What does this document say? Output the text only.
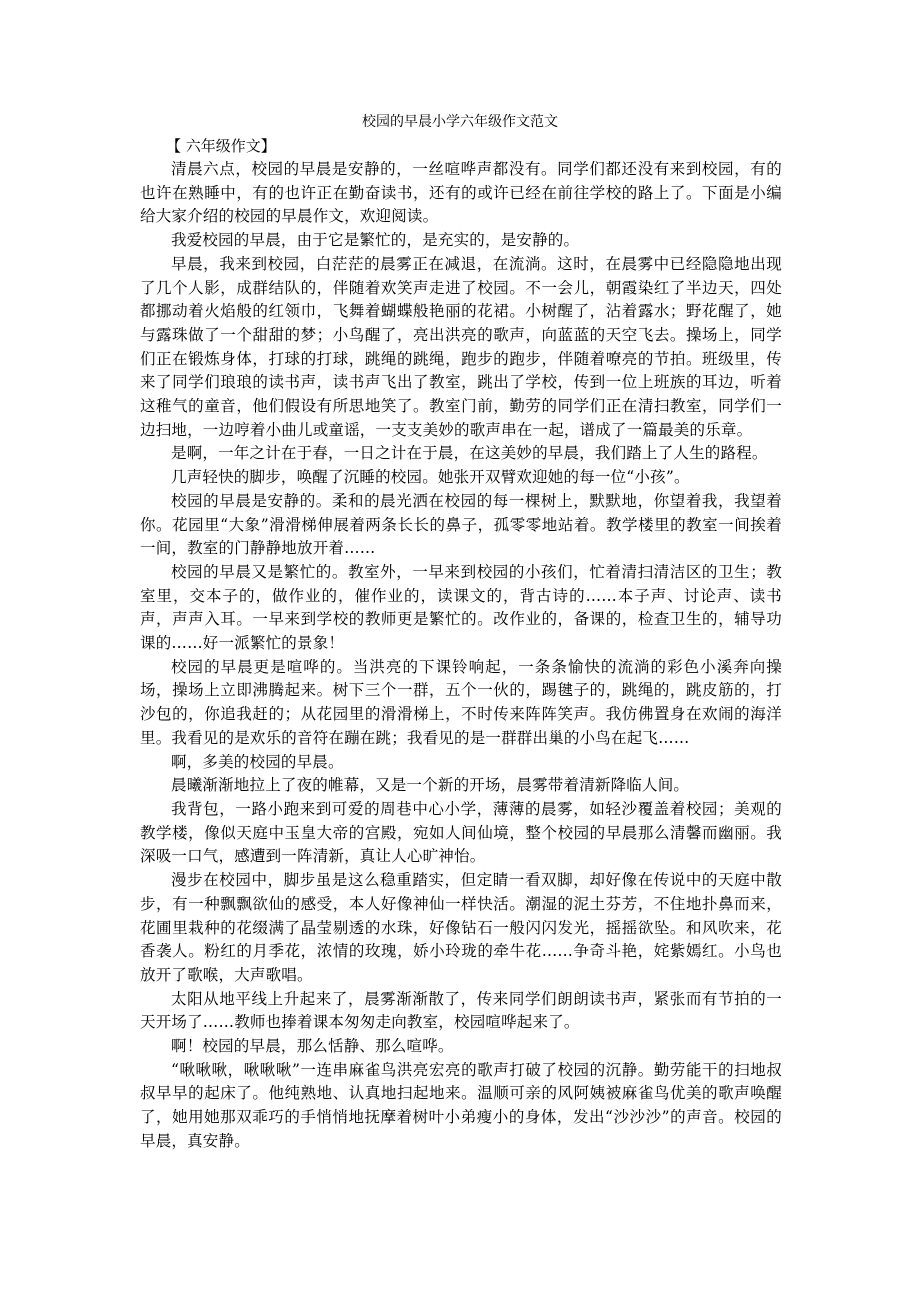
校园的早晨小学六年级作文范文
【 六年级作文】

清晨六点，校园的早晨是安静的，一丝喧哗声都没有。同学们都还没有来到校园，有的也许在熟睡中，有的也许正在勤奋读书，还有的或许已经在前往学校的路上了。下面是小编给大家介绍的校园的早晨作文，欢迎阅读。

我爱校园的早晨，由于它是繁忙的，是充实的，是安静的。

早晨，我来到校园，白茫茫的晨雾正在减退，在流淌。这时，在晨雾中已经隐隐地出现了几个人影，成群结队的，伴随着欢笑声走进了校园。不一会儿，朝霞染红了半边天，四处都挪动着火焰般的红领巾，飞舞着蝴蝶般艳丽的花裙。小树醒了，沾着露水；野花醒了，她与露珠做了一个甜甜的梦；小鸟醒了，亮出洪亮的歌声，向蓝蓝的天空飞去。操场上，同学们正在锻炼身体，打球的打球，跳绳的跳绳，跑步的跑步，伴随着嘹亮的节拍。班级里，传来了同学们琅琅的读书声，读书声飞出了教室，跳出了学校，传到一位上班族的耳边，听着这稚气的童音，他们假设有所思地笑了。教室门前，勤劳的同学们正在清扫教室，同学们一边扫地，一边哼着小曲儿或童谣，一支支美妙的歌声串在一起，谱成了一篇最美的乐章。

是啊，一年之计在于春，一日之计在于晨，在这美妙的早晨，我们踏上了人生的路程。

几声轻快的脚步，唤醒了沉睡的校园。她张开双臂欢迎她的每一位“小孩”。

校园的早晨是安静的。柔和的晨光洒在校园的每一棵树上，默默地，你望着我，我望着你。花园里“大象”滑滑梯伸展着两条长长的鼻子，孤零零地站着。教学楼里的教室一间挨着一间，教室的门静静地放开着……

校园的早晨又是繁忙的。教室外，一早来到校园的小孩们，忙着清扫清洁区的卫生；教室里，交本子的，做作业的，催作业的，读课文的，背古诗的……本子声、讨论声、读书声，声声入耳。一早来到学校的教师更是繁忙的。改作业的，备课的，检查卫生的，辅导功课的……好一派繁忙的景象！

校园的早晨更是喧哗的。当洪亮的下课铃响起，一条条愉快的流淌的彩色小溪奔向操场，操场上立即沸腾起来。树下三个一群，五个一伙的，踢毽子的，跳绳的，跳皮筋的，打沙包的，你追我赶的；从花园里的滑滑梯上，不时传来阵阵笑声。我仿佛置身在欢闹的海洋里。我看见的是欢乐的音符在蹦在跳；我看见的是一群群出巢的小鸟在起飞……

啊，多美的校园的早晨。

晨曦渐渐地拉上了夜的帷幕，又是一个新的开场，晨雾带着清新降临人间。

我背包，一路小跑来到可爱的周巷中心小学，薄薄的晨雾，如轻沙覆盖着校园；美观的教学楼，像似天庭中玉皇大帝的宫殿，宛如人间仙境，整个校园的早晨那么清馨而幽丽。我深吸一口气，感遭到一阵清新，真让人心旷神怡。

漫步在校园中，脚步虽是这么稳重踏实，但定睛一看双脚，却好像在传说中的天庭中散步，有一种飘飘欲仙的感受，本人好像神仙一样快活。潮湿的泥土芬芳，不住地扑鼻而来，花圃里栽种的花缀满了晶莹剔透的水珠，好像钻石一般闪闪发光，摇摇欲坠。和风吹来，花香袭人。粉红的月季花，浓情的玫瑰，娇小玲珑的牵牛花……争奇斗艳，姹紫嫣红。小鸟也放开了歌喉，大声歌唱。

太阳从地平线上升起来了，晨雾渐渐散了，传来同学们朗朗读书声，紧张而有节拍的一天开场了……教师也捧着课本匆匆走向教室，校园喧哗起来了。

啊！校园的早晨，那么恬静、那么喧哗。

“啾啾啾，啾啾啾”一连串麻雀鸟洪亮宏亮的歌声打破了校园的沉静。勤劳能干的扫地叔叔早早的起床了。他纯熟地、认真地扫起地来。温顺可亲的风阿姨被麻雀鸟优美的歌声唤醒了，她用她那双乖巧的手悄悄地抚摩着树叶小弟瘦小的身体，发出“沙沙沙”的声音。校园的早晨，真安静。
